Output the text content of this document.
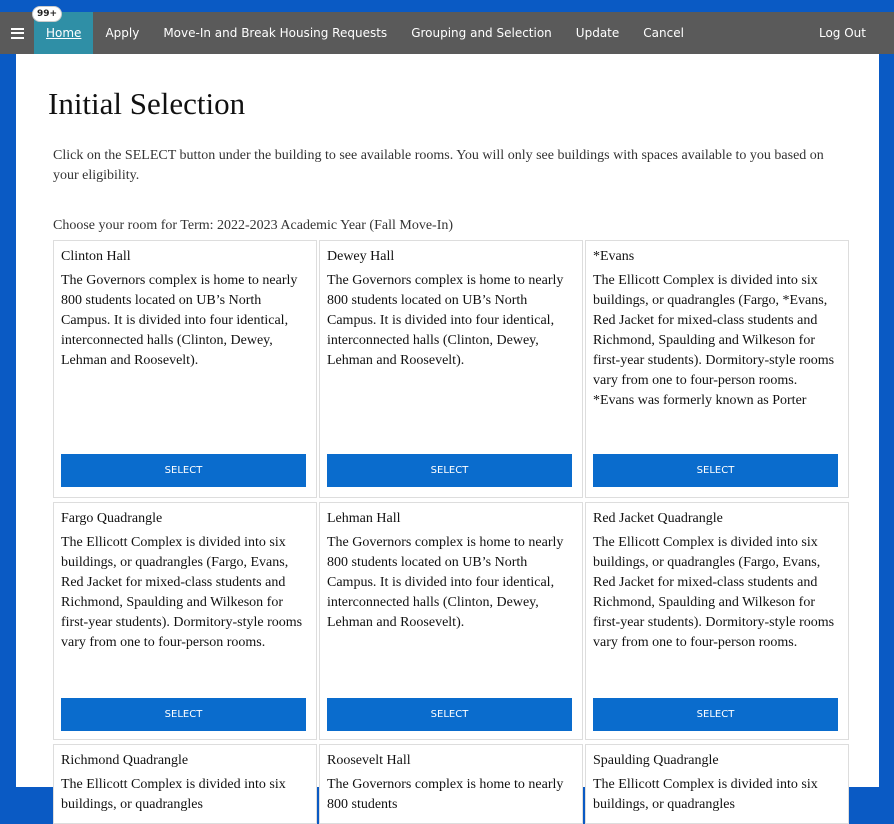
99+
Home	Apply	Move-In and Break Housing Requests	Grouping and Selection	Update	Cancel	Log Out
Initial Selection

Click on the SELECT button under the building to see available rooms. You will only see buildings with spaces available to you based on your eligibility.

Choose your room for Term: 2022-2023 Academic Year (Fall Move-In)

Clinton Hall
The Governors complex is home to nearly 800 students located on UB’s North Campus. It is divided into four identical, interconnected halls (Clinton, Dewey, Lehman and Roosevelt).
SELECT
Dewey Hall
The Governors complex is home to nearly 800 students located on UB’s North Campus. It is divided into four identical, interconnected halls (Clinton, Dewey, Lehman and Roosevelt).
SELECT
*Evans
The Ellicott Complex is divided into six buildings, or quadrangles (Fargo, *Evans, Red Jacket for mixed-class students and Richmond, Spaulding and Wilkeson for first-year students). Dormitory-style rooms vary from one to four-person rooms. *Evans was formerly known as Porter
SELECT
Fargo Quadrangle
The Ellicott Complex is divided into six buildings, or quadrangles (Fargo, Evans, Red Jacket for mixed-class students and Richmond, Spaulding and Wilkeson for first-year students). Dormitory-style rooms vary from one to four-person rooms.
SELECT
Lehman Hall
The Governors complex is home to nearly 800 students located on UB’s North Campus. It is divided into four identical, interconnected halls (Clinton, Dewey, Lehman and Roosevelt).
SELECT
Red Jacket Quadrangle
The Ellicott Complex is divided into six buildings, or quadrangles (Fargo, Evans, Red Jacket for mixed-class students and Richmond, Spaulding and Wilkeson for first-year students). Dormitory-style rooms vary from one to four-person rooms.
SELECT
Richmond Quadrangle
The Ellicott Complex is divided into six buildings, or quadrangles
Roosevelt Hall
The Governors complex is home to nearly 800 students
Spaulding Quadrangle
The Ellicott Complex is divided into six buildings, or quadrangles
